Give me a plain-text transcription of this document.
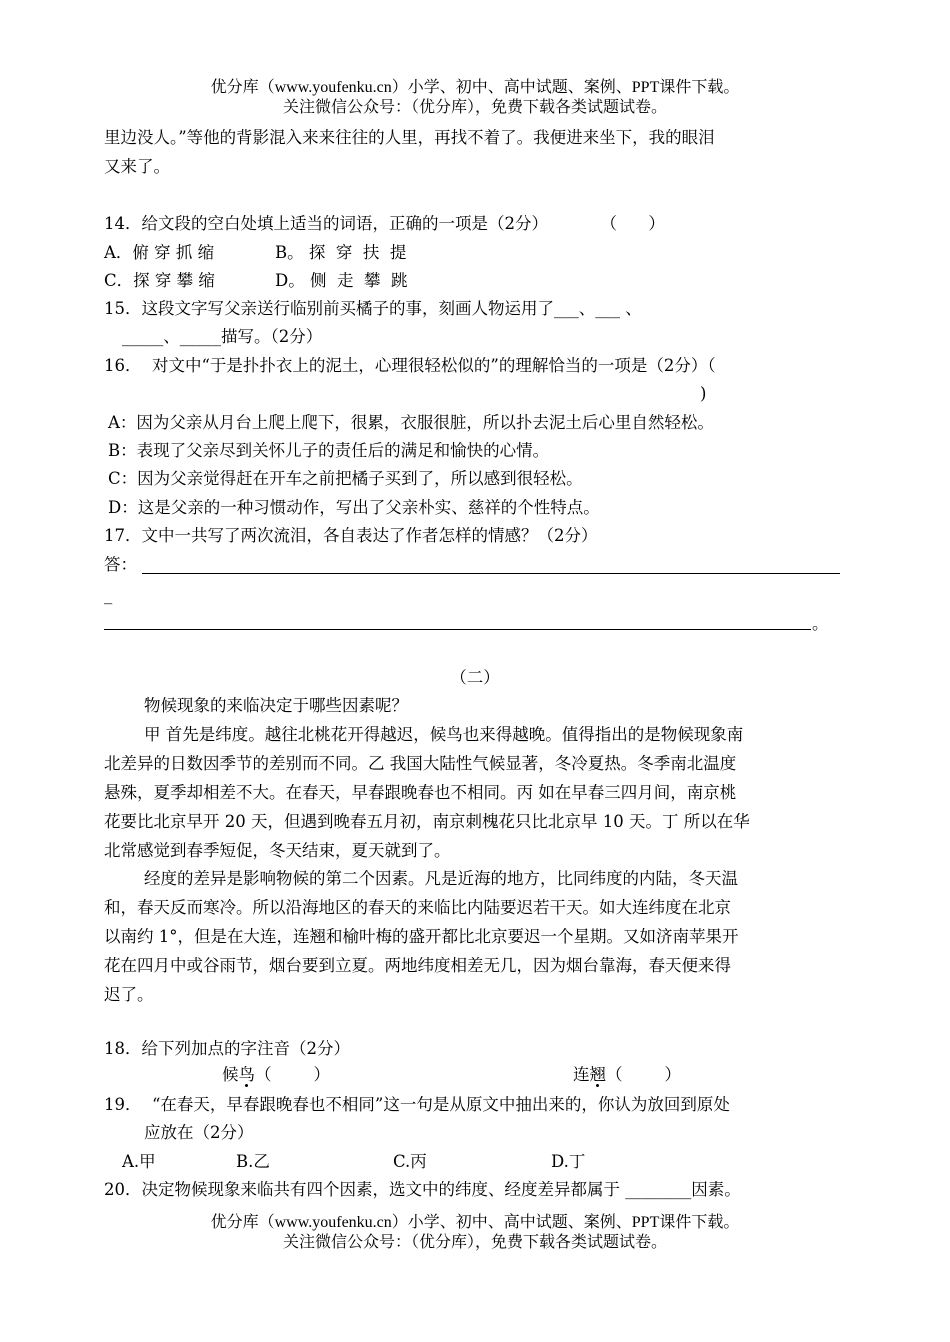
优分库（www.youfenku.cn）小学、初中、高中试题、案例、PPT课件下载。
关注微信公众号：（优分库），免费下载各类试题试卷。
里边没人。”等他的背影混入来来往往的人里，再找不着了。我便进来坐下，我的眼泪
又来了。
14．给文段的空白处填上适当的词语，正确的一项是（2分）          （      ）
A．俯 穿 抓 缩	B。 探  穿  扶  提
C．探 穿 攀 缩	D。 侧  走  攀  跳
15．这段文字写父亲送行临别前买橘子的事，刻画人物运用了___、___ 、
_____、_____描写。（2分）
16．  对文中“于是扑扑衣上的泥土，心理很轻松似的”的理解恰当的一项是（2分）（
)
A：因为父亲从月台上爬上爬下，很累，衣服很脏，所以扑去泥土后心里自然轻松。
B：表现了父亲尽到关怀儿子的责任后的满足和愉快的心情。
C：因为父亲觉得赶在开车之前把橘子买到了，所以感到很轻松。
D：这是父亲的一种习惯动作，写出了父亲朴实、慈祥的个性特点。
17．文中一共写了两次流泪，各自表达了作者怎样的情感？（2分）
答：
_
。
（二）
物候现象的来临决定于哪些因素呢？
甲 首先是纬度。越往北桃花开得越迟，候鸟也来得越晚。值得指出的是物候现象南
北差异的日数因季节的差别而不同。乙 我国大陆性气候显著，冬冷夏热。冬季南北温度
悬殊，夏季却相差不大。在春天，早春跟晚春也不相同。丙 如在早春三四月间，南京桃
花要比北京早开 20 天，但遇到晚春五月初，南京刺槐花只比北京早 10 天。丁 所以在华
北常感觉到春季短促，冬天结束，夏天就到了。
经度的差异是影响物候的第二个因素。凡是近海的地方，比同纬度的内陆，冬天温
和，春天反而寒冷。所以沿海地区的春天的来临比内陆要迟若干天。如大连纬度在北京
以南约 1°，但是在大连，连翘和榆叶梅的盛开都比北京要迟一个星期。又如济南苹果开
花在四月中或谷雨节，烟台要到立夏。两地纬度相差无几，因为烟台靠海，春天便来得
迟了。
18．给下列加点的字注音（2分）
候鸟（        ）	连翘（        ）
19．  “在春天，早春跟晚春也不相同”这一句是从原文中抽出来的，你认为放回到原处
应放在（2分）
A.甲	B.乙	C.丙	D.丁
20．决定物候现象来临共有四个因素，选文中的纬度、经度差异都属于 ________因素。
优分库（www.youfenku.cn）小学、初中、高中试题、案例、PPT课件下载。
关注微信公众号：（优分库），免费下载各类试题试卷。
